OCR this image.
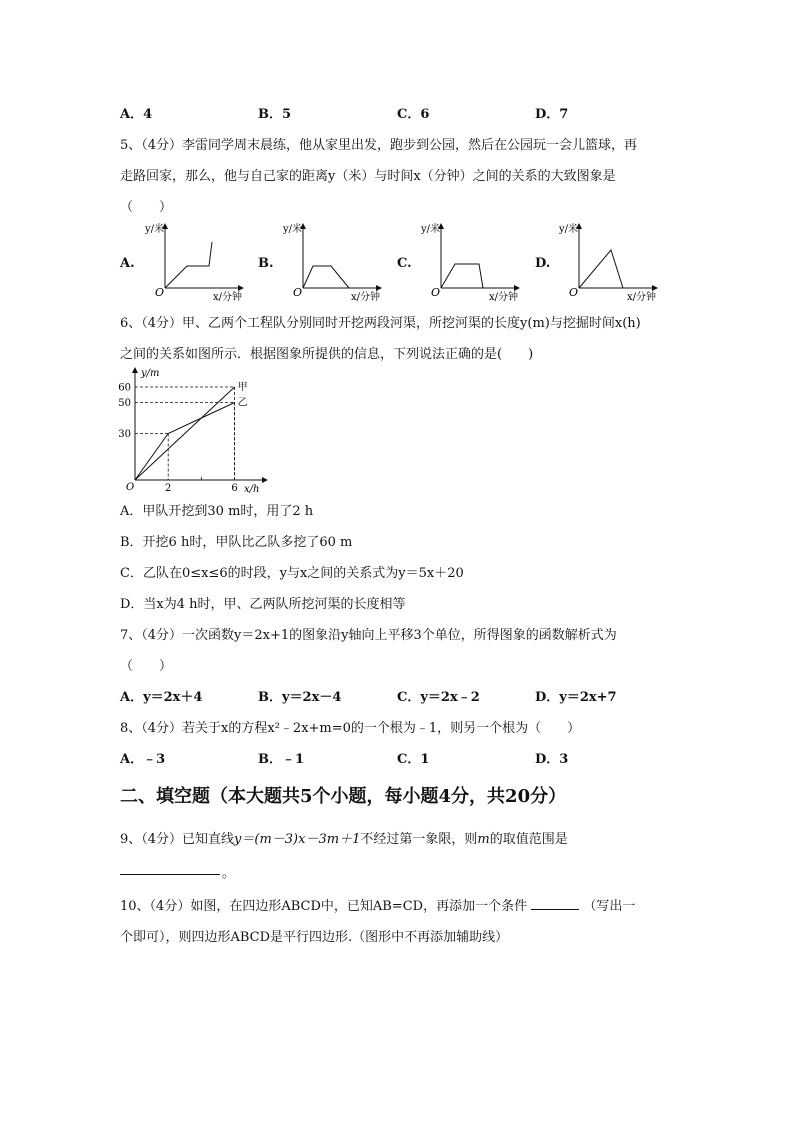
A．4	B．5	C．6	D．7
5、（4分）李雷同学周末晨练，他从家里出发，跑步到公园，然后在公园玩一会儿篮球，再
走路回家，那么，他与自己家的距离y（米）与时间x（分钟）之间的关系的大致图象是
（　　）
A.	B.	C.	D.
y/米
O	x/分钟
y/米
O	x/分钟
y/米
O	x/分钟
y/米
O	x/分钟
6、（4分）甲、乙两个工程队分别同时开挖两段河渠，所挖河渠的长度y(m)与挖掘时间x(h)
之间的关系如图所示．根据图象所提供的信息，下列说法正确的是(　　)
y/m
x/h
O
甲
乙
30
50
60
2	6
A．甲队开挖到30 m时，用了2 h
B．开挖6 h时，甲队比乙队多挖了60 m
C．乙队在0≤x≤6的时段，y与x之间的关系式为y＝5x＋20
D．当x为4 h时，甲、乙两队所挖河渠的长度相等
7、（4分）一次函数y＝2x+1的图象沿y轴向上平移3个单位，所得图象的函数解析式为
（　　）
A．y＝2x＋4	B．y＝2x－4	C．y＝2x﹣2	D．y＝2x+7
8、（4分）若关于x的方程x²﹣2x+m=0的一个根为﹣1，则另一个根为（　　）
A．﹣3	B．﹣1	C．1	D．3
二、填空题（本大题共5个小题，每小题4分，共20分）
9、（4分）已知直线y＝(m－3)x－3m＋1不经过第一象限，则m的取值范围是
。
10、（4分）如图，在四边形ABCD中，已知AB=CD，再添加一个条件	（写出一
个即可），则四边形ABCD是平行四边形.（图形中不再添加辅助线）
